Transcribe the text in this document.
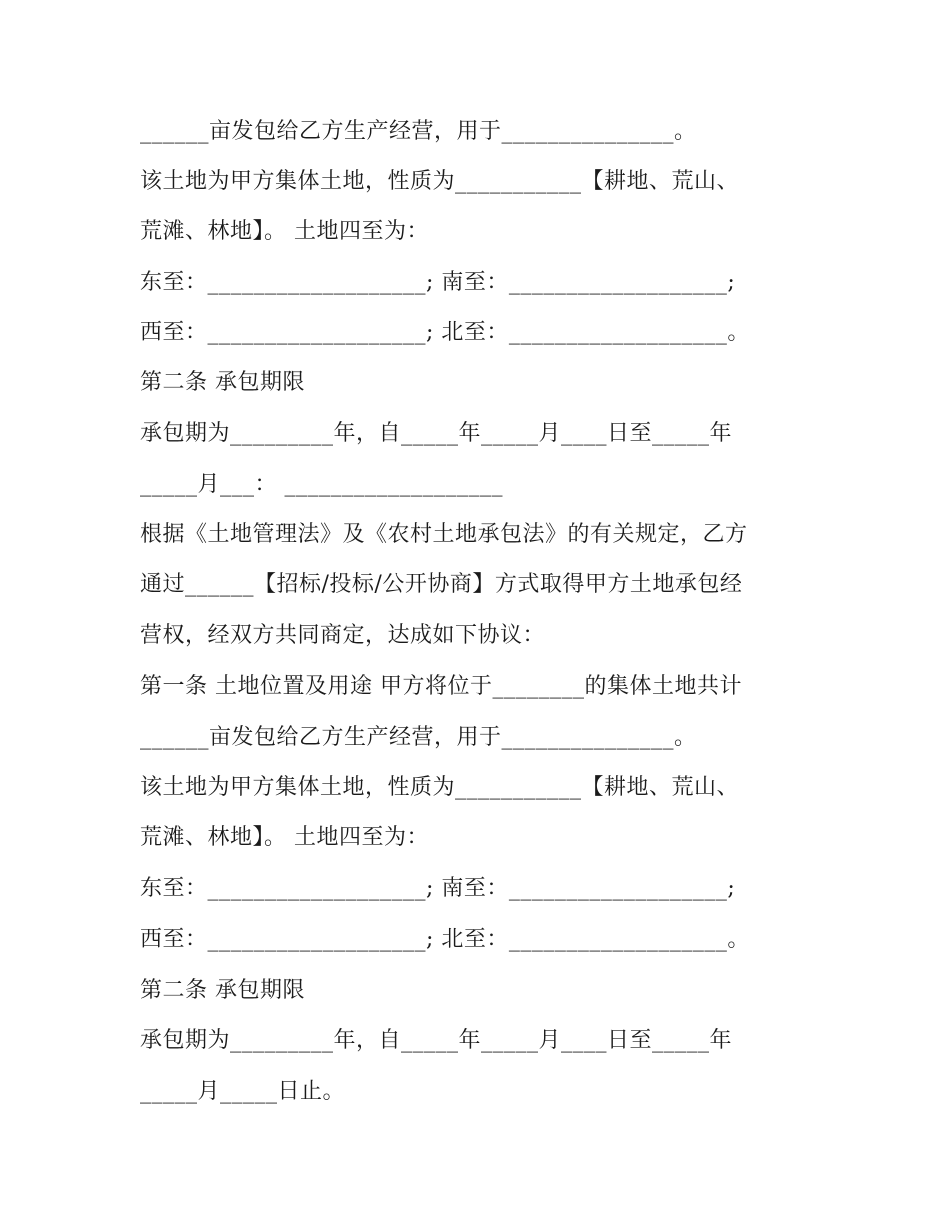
______亩发包给乙方生产经营，用于_______________。

该土地为甲方集体土地，性质为___________【耕地、荒山、

荒滩、林地】。 土地四至为：

东至：___________________; 南至：___________________;

西至：___________________; 北至：___________________。

第二条 承包期限

承包期为_________年，自_____年_____月____日至_____年

_____月___： ___________________

根据《土地管理法》及《农村土地承包法》的有关规定，乙方

通过______【招标/投标/公开协商】方式取得甲方土地承包经

营权，经双方共同商定，达成如下协议：

第一条 土地位置及用途 甲方将位于________的集体土地共计

______亩发包给乙方生产经营，用于_______________。

该土地为甲方集体土地，性质为___________【耕地、荒山、

荒滩、林地】。 土地四至为：

东至：___________________; 南至：___________________;

西至：___________________; 北至：___________________。

第二条 承包期限

承包期为_________年，自_____年_____月____日至_____年

_____月_____日止。
